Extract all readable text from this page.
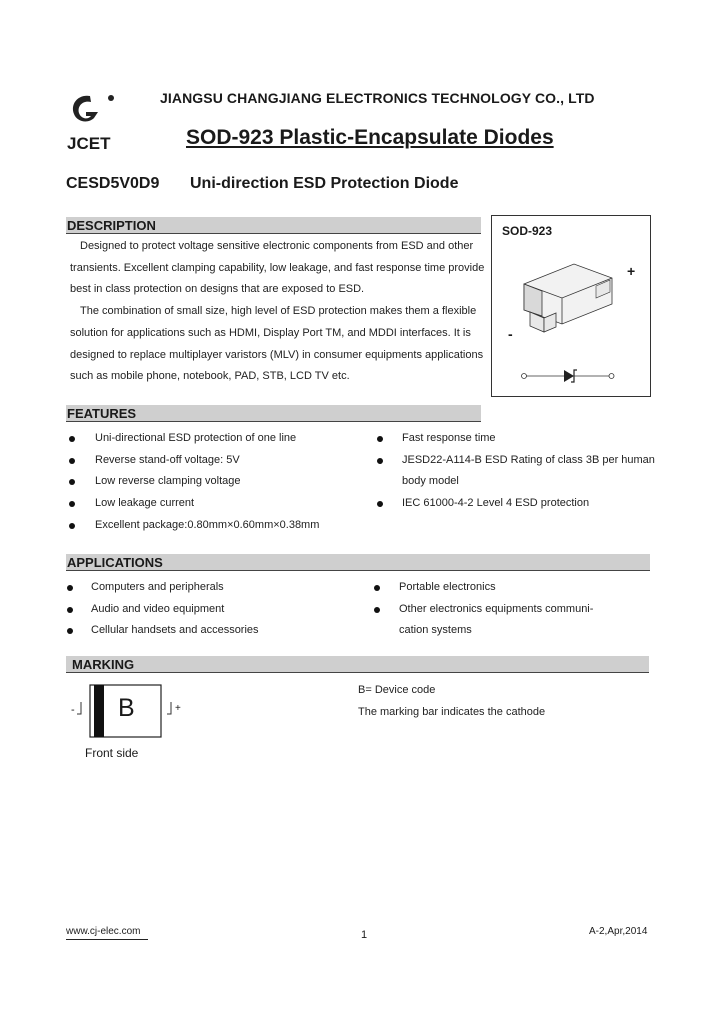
JCET
JIANGSU CHANGJIANG ELECTRONICS TECHNOLOGY CO., LTD
SOD-923 Plastic-Encapsulate Diodes
CESD5V0D9 Uni-direction ESD Protection Diode
DESCRIPTION
Designed to protect voltage sensitive electronic components from ESD and other
transients. Excellent clamping capability, low leakage, and fast response time provide
best in class protection on designs that are exposed to ESD.
The combination of small size, high level of ESD protection makes them a flexible
solution for applications such as HDMI, Display Port TM, and MDDI interfaces. It is
designed to replace multiplayer varistors (MLV) in consumer equipments applications
such as mobile phone, notebook, PAD, STB, LCD TV etc.
SOD-923
+
-
FEATURES
Uni-directional ESD protection of one line
Reverse stand-off voltage: 5V
Low reverse clamping voltage
Low leakage current
Excellent package:0.80mm×0.60mm×0.38mm
Fast response time
JESD22-A114-B ESD Rating of class 3B per human
body model
IEC 61000-4-2 Level 4 ESD protection
APPLICATIONS
Computers and peripherals
Audio and video equipment
Cellular handsets and accessories
Portable electronics
Other electronics equipments communi-
cation systems
MARKING
-	+
B
Front side
B= Device code
The marking bar indicates the cathode
www.cj-elec.com	1	A-2,Apr,2014
